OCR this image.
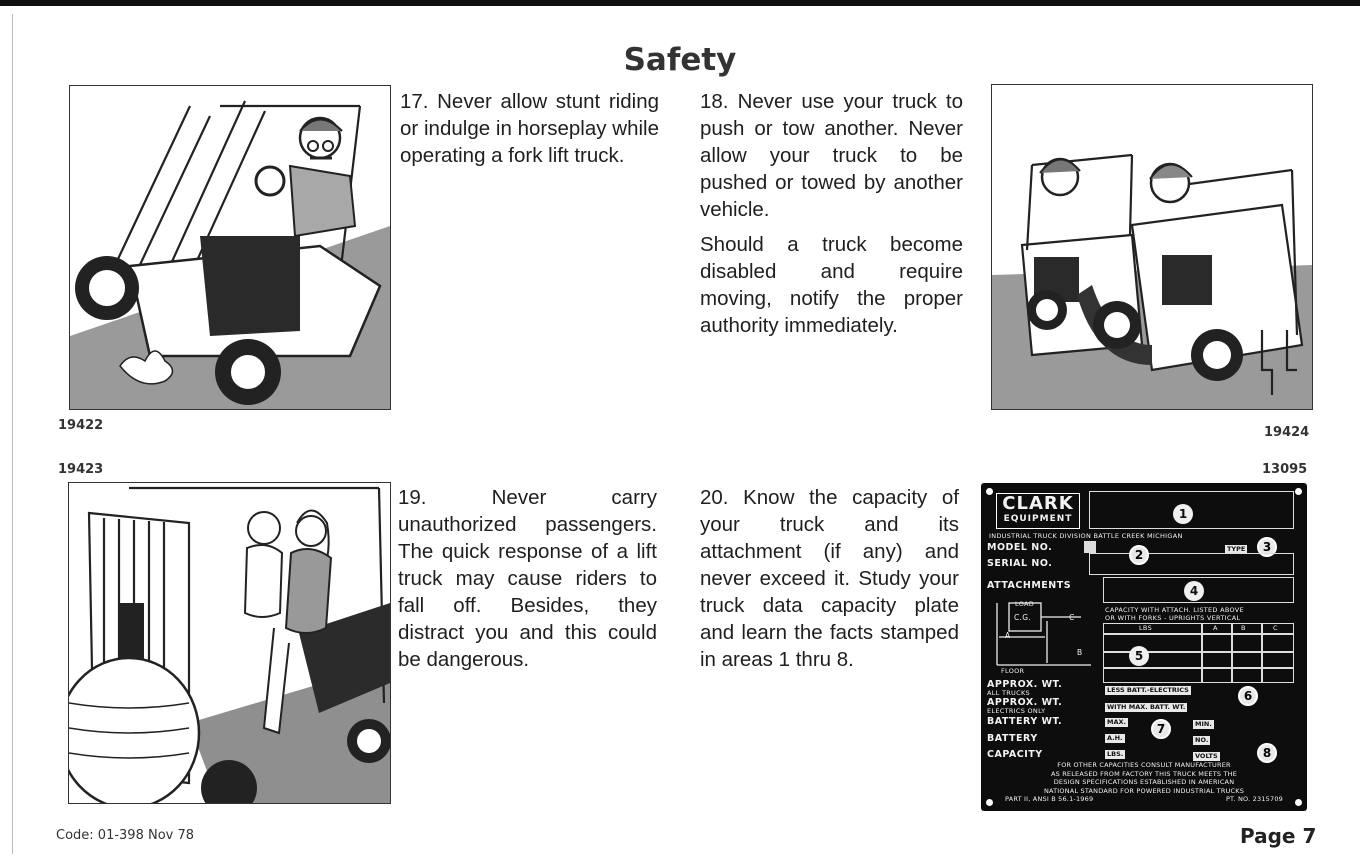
Safety
19422

17. Never allow stunt riding or indulge in horseplay while operating a fork lift truck.

18. Never use your truck to push or tow another. Never allow your truck to be pushed or towed by another vehicle.

Should a truck become disabled and require moving, notify the proper authority immediately.

19424
19423

19. Never carry unauthorized passengers. The quick response of a lift truck may cause riders to fall off. Besides, they distract you and this could be dangerous.

20. Know the capacity of your truck and its attachment (if any) and never exceed it. Study your truck data capacity plate and learn the facts stamped in areas 1 thru 8.

13095
CLARK
EQUIPMENT	1
INDUSTRIAL TRUCK DIVISION BATTLE CREEK MICHIGAN
MODEL NO.	TYPE	3
SERIAL NO.
2
ATTACHMENTS	4
LOAD
C.G.	C
A
B
FLOOR
CAPACITY WITH ATTACH. LISTED ABOVE
OR WITH FORKS - UPRIGHTS VERTICAL
LBS	A	B	C
5
APPROX. WT.
ALL TRUCKS	LESS BATT.-ELECTRICS	6
APPROX. WT.
ELECTRICS ONLY	WITH MAX. BATT. WT.
BATTERY WT.	MAX.	MIN.
7
BATTERY	A.H.	NO.
CAPACITY	LBS.	VOLTS	8
FOR OTHER CAPACITIES CONSULT MANUFACTURER
AS RELEASED FROM FACTORY THIS TRUCK MEETS THE
DESIGN SPECIFICATIONS ESTABLISHED IN AMERICAN
NATIONAL STANDARD FOR POWERED INDUSTRIAL TRUCKS
PART II, ANSI B 56.1-1969	PT. NO. 2315709
Code: 01-398 Nov 78	Page 7
